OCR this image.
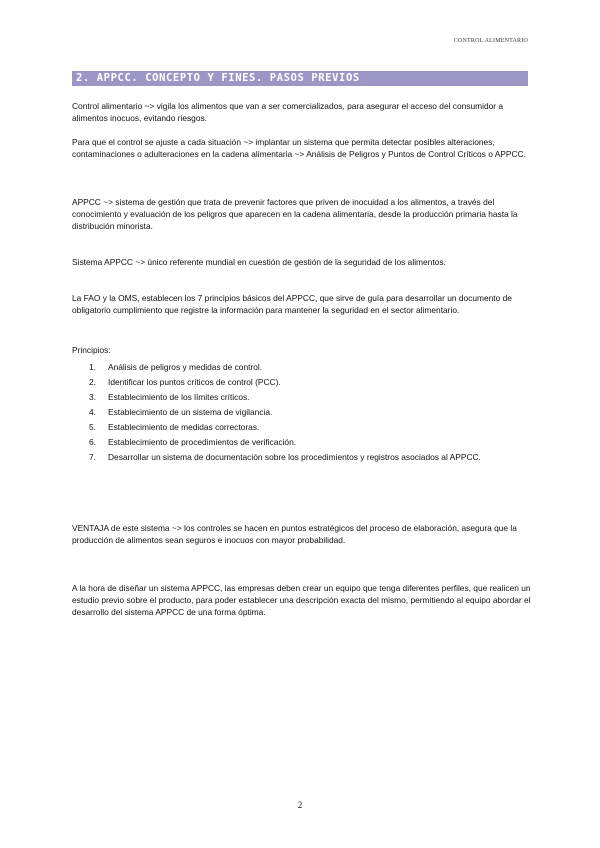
CONTROL ALIMENTARIO
2. APPCC. CONCEPTO Y FINES. PASOS PREVIOS

Control alimentario ~> vigila los alimentos que van a ser comercializados, para asegurar el acceso del consumidor a alimentos inocuos, evitando riesgos.

Para que el control se ajuste a cada situación ~> implantar un sistema que permita detectar posibles alteraciones, contaminaciones o adulteraciones en la cadena alimentaria ~> Análisis de Peligros y Puntos de Control Críticos o APPCC.

APPCC ~> sistema de gestión que trata de prevenir factores que priven de inocuidad a los alimentos, a través del conocimiento y evaluación de los peligros que aparecen en la cadena alimentaria, desde la producción primaria hasta la distribución minorista.

Sistema APPCC ~> único referente mundial en cuestión de gestión de la seguridad de los alimentos.

La FAO y la OMS, establecen los 7 principios básicos del APPCC, que sirve de guía para desarrollar un documento de obligatorio cumplimiento que registre la información para mantener la seguridad en el sector alimentario.

Principios:
1. Análisis de peligros y medidas de control.
2. Identificar los puntos críticos de control (PCC).
3. Establecimiento de los límites críticos.
4. Establecimiento de un sistema de vigilancia.
5. Establecimiento de medidas correctoras.
6. Establecimiento de procedimientos de verificación.
7. Desarrollar un sistema de documentación sobre los procedimientos y registros asociados al APPCC.

VENTAJA de este sistema ~> los controles se hacen en puntos estratégicos del proceso de elaboración, asegura que la producción de alimentos sean seguros e inocuos con mayor probabilidad.

A la hora de diseñar un sistema APPCC, las empresas deben crear un equipo que tenga diferentes perfiles, que realicen un estudio previo sobre el producto, para poder establecer una descripción exacta del mismo, permitiendo al equipo abordar el desarrollo del sistema APPCC de una forma óptima.

2
